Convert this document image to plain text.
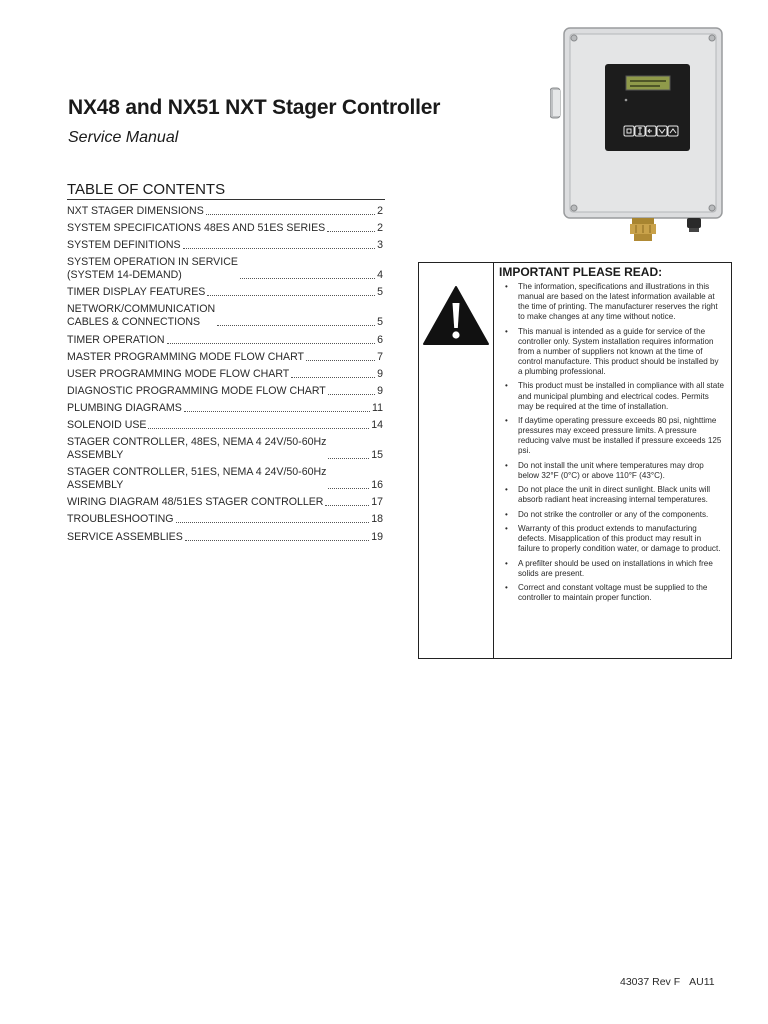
NX48 and NX51 NXT Stager Controller
Service Manual
TABLE OF CONTENTS
NXT STAGER DIMENSIONS	2
SYSTEM SPECIFICATIONS 48ES AND 51ES SERIES	2
SYSTEM DEFINITIONS	3
SYSTEM OPERATION IN SERVICE
(SYSTEM 14-DEMAND)	4
TIMER DISPLAY FEATURES	5
NETWORK/COMMUNICATION
CABLES & CONNECTIONS	5
TIMER OPERATION	6
MASTER PROGRAMMING MODE FLOW CHART	7
USER PROGRAMMING MODE FLOW CHART	9
DIAGNOSTIC PROGRAMMING MODE FLOW CHART	9
PLUMBING DIAGRAMS	11
SOLENOID USE	14
STAGER CONTROLLER, 48ES, NEMA 4 24V/50-60Hz
ASSEMBLY	15
STAGER CONTROLLER, 51ES, NEMA 4 24V/50-60Hz
ASSEMBLY	16
WIRING DIAGRAM 48/51ES STAGER CONTROLLER	17
TROUBLESHOOTING	18
SERVICE ASSEMBLIES	19
IMPORTANT PLEASE READ:
• The information, specifications and illustrations in this manual are based on the latest information available at the time of printing. The manufacturer reserves the right to make changes at any time without notice.
• This manual is intended as a guide for service of the controller only. System installation requires information from a number of suppliers not known at the time of control manufacture. This product should be installed by a plumbing professional.
• This product must be installed in compliance with all state and municipal plumbing and electrical codes. Permits may be required at the time of installation.
• If daytime operating pressure exceeds 80 psi, nighttime pressures may exceed pressure limits. A pressure reducing valve must be installed if pressure exceeds 125 psi.
• Do not install the unit where temperatures may drop below 32°F (0°C) or above 110°F (43°C).
• Do not place the unit in direct sunlight. Black units will absorb radiant heat increasing internal temperatures.
• Do not strike the controller or any of the components.
• Warranty of this product extends to manufacturing defects. Misapplication of this product may result in failure to properly condition water, or damage to product.
• A prefilter should be used on installations in which free solids are present.
• Correct and constant voltage must be supplied to the controller to maintain proper function.
43037 Rev F AU11
